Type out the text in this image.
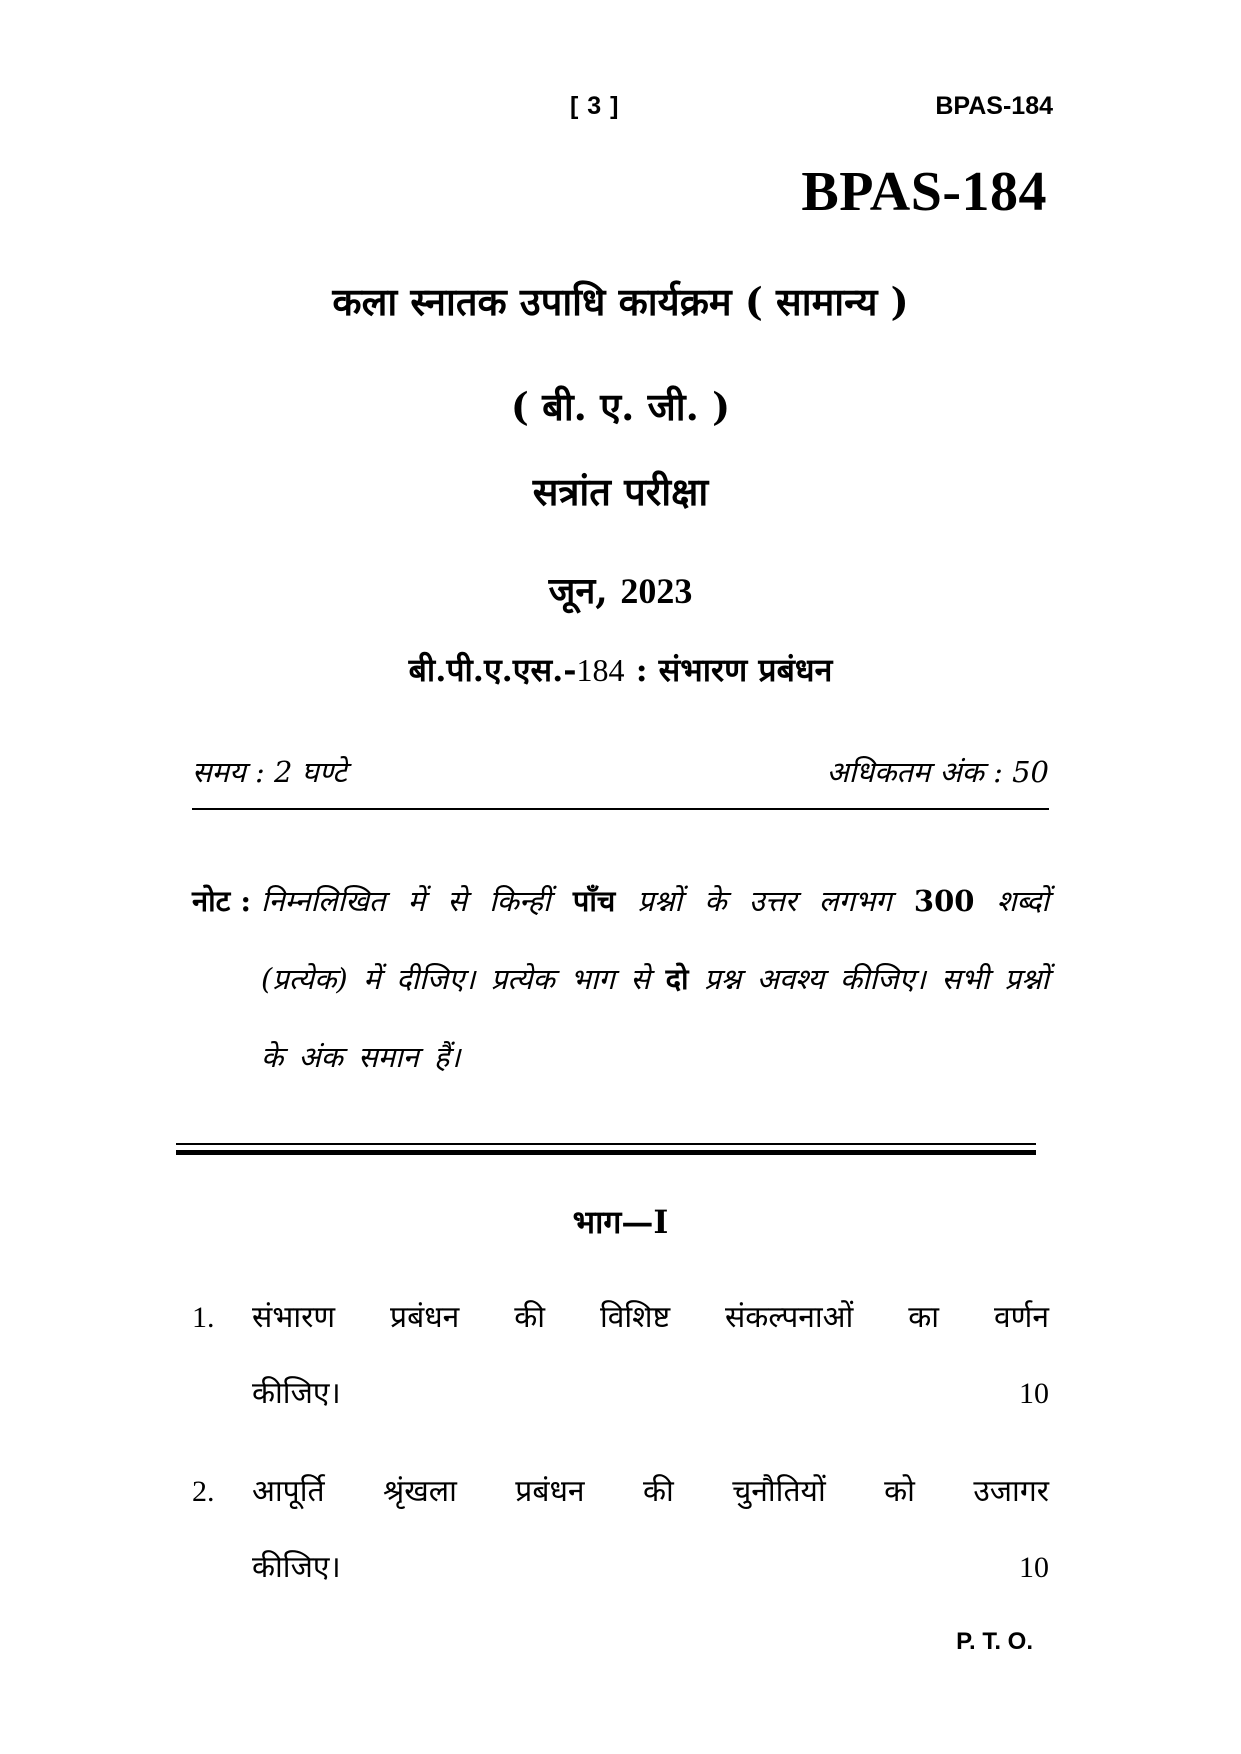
[ 3 ]	BPAS-184
BPAS-184
कला स्नातक उपाधि कार्यक्रम ( सामान्य )
( बी. ए. जी. )
सत्रांत परीक्षा
जून, 2023
बी.पी.ए.एस.-184 : संभारण प्रबंधन
समय : 2 घण्टे	अधिकतम अंक : 50
नोट : निम्नलिखित में से किन्हीं पाँच प्रश्नों के उत्तर लगभग 300 शब्दों (प्रत्येक) में दीजिए। प्रत्येक भाग से दो प्रश्न अवश्य कीजिए। सभी प्रश्नों के अंक समान हैं।
भाग—I
1.	संभारण प्रबंधन की विशिष्ट संकल्पनाओं का वर्णन
कीजिए।	10
2.	आपूर्ति श्रृंखला प्रबंधन की चुनौतियों को उजागर
कीजिए।	10
P. T. O.
